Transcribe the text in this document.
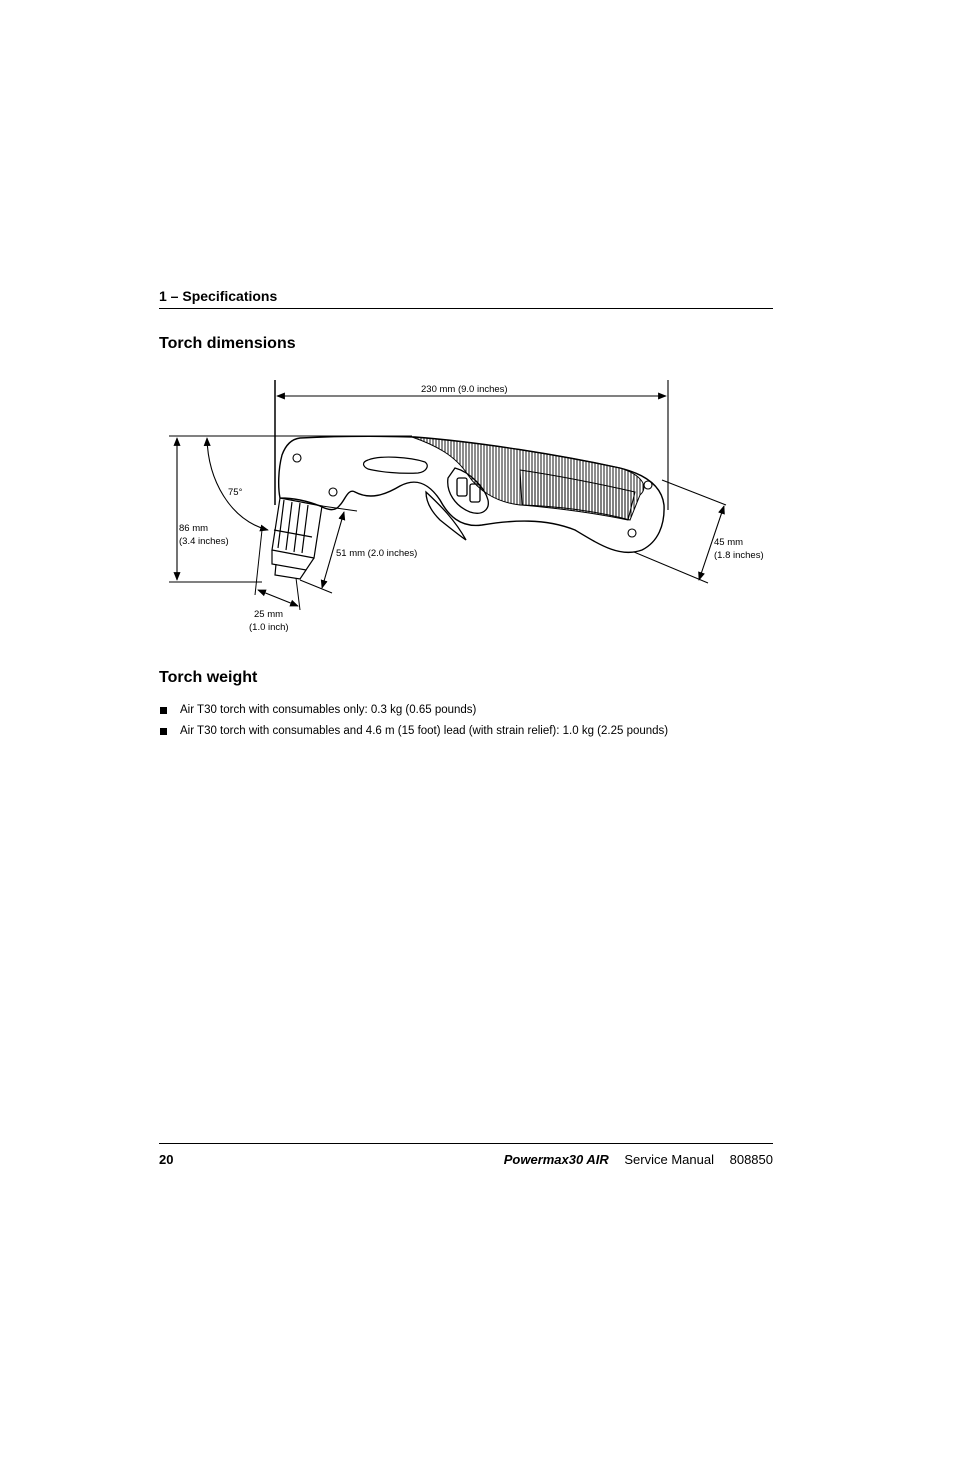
1 – Specifications
Torch dimensions
230 mm (9.0 inches)
75°
86 mm
(3.4 inches)
51 mm (2.0 inches)
25 mm
(1.0 inch)
45 mm
(1.8 inches)
Torch weight
Air T30 torch with consumables only: 0.3 kg (0.65 pounds)
Air T30 torch with consumables and 4.6 m (15 foot) lead (with strain relief): 1.0 kg (2.25 pounds)
20	Powermax30 AIR Service Manual 808850
